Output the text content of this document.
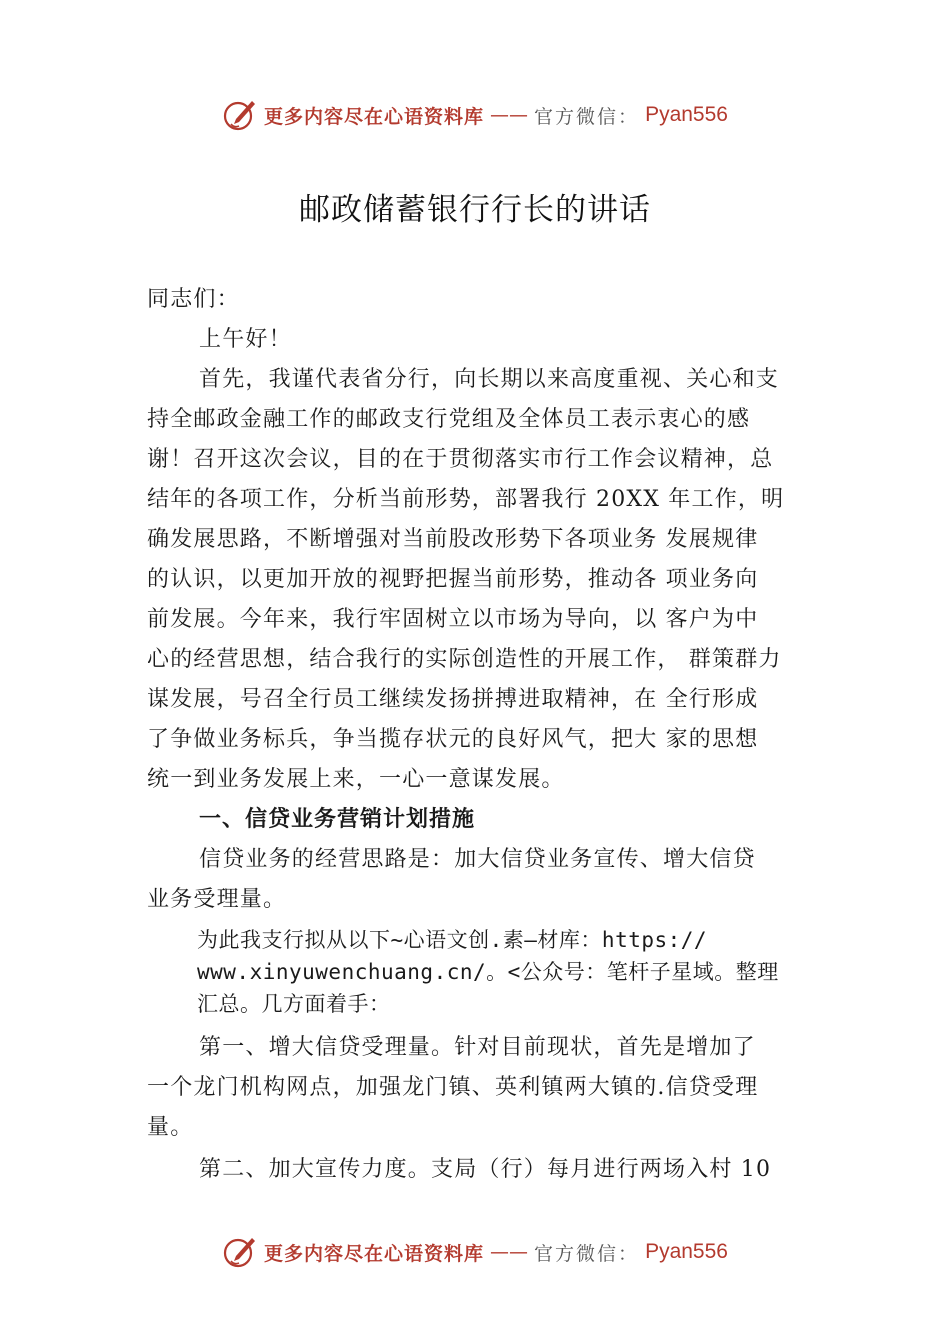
更多内容尽在心语资料库 —— 官方微信： Pyan556
邮政储蓄银行行长的讲话
同志们：
上午好！
首先，我谨代表省分行，向长期以来高度重视、关心和支
持全邮政金融工作的邮政支行党组及全体员工表示衷心的感
谢！召开这次会议，目的在于贯彻落实市行工作会议精神，总
结年的各项工作，分析当前形势，部署我行 20XX 年工作，明
确发展思路，不断增强对当前股改形势下各项业务 发展规律
的认识，以更加开放的视野把握当前形势，推动各 项业务向
前发展。今年来，我行牢固树立以市场为导向，以 客户为中
心的经营思想，结合我行的实际创造性的开展工作， 群策群力
谋发展，号召全行员工继续发扬拼搏进取精神，在 全行形成
了争做业务标兵，争当揽存状元的良好风气，把大 家的思想
统一到业务发展上来，一心一意谋发展。
一、信贷业务营销计划措施
信贷业务的经营思路是：加大信贷业务宣传、增大信贷
业务受理量。
为此我支行拟从以下~心语文创.素—材库：https://
www.xinyuwenchuang.cn/。<公众号：笔杆子星域。整理
汇总。几方面着手：
第一、增大信贷受理量。针对目前现状，首先是增加了
一个龙门机构网点，加强龙门镇、英利镇两大镇的.信贷受理
量。
第二、加大宣传力度。支局（行）每月进行两场入村 10
更多内容尽在心语资料库 —— 官方微信： Pyan556
